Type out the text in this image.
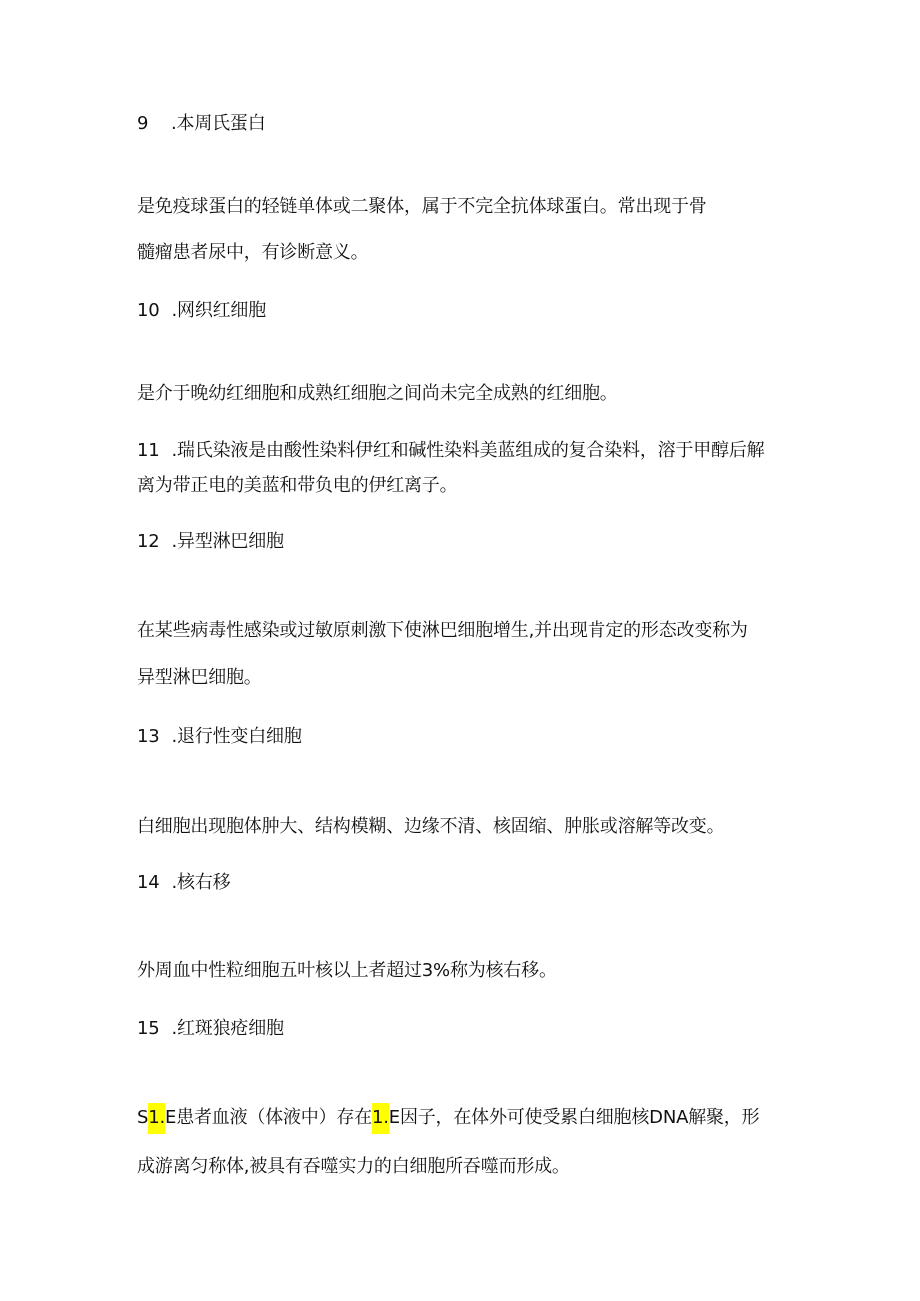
9 .本周氏蛋白
是免疫球蛋白的轻链单体或二聚体，属于不完全抗体球蛋白。常出现于骨
髓瘤患者尿中，有诊断意义。
10 .网织红细胞
是介于晚幼红细胞和成熟红细胞之间尚未完全成熟的红细胞。
11 .瑞氏染液是由酸性染料伊红和碱性染料美蓝组成的复合染料，溶于甲醇后解
离为带正电的美蓝和带负电的伊红离子。
12 .异型淋巴细胞
在某些病毒性感染或过敏原刺激下使淋巴细胞增生,并出现肯定的形态改变称为
异型淋巴细胞。
13 .退行性变白细胞
白细胞出现胞体肿大、结构模糊、边缘不清、核固缩、肿胀或溶解等改变。
14 .核右移
外周血中性粒细胞五叶核以上者超过3%称为核右移。
15 .红斑狼疮细胞
S1.E患者血液（体液中）存在1.E因子，在体外可使受累白细胞核DNA解聚，形
成游离匀称体,被具有吞噬实力的白细胞所吞噬而形成。
